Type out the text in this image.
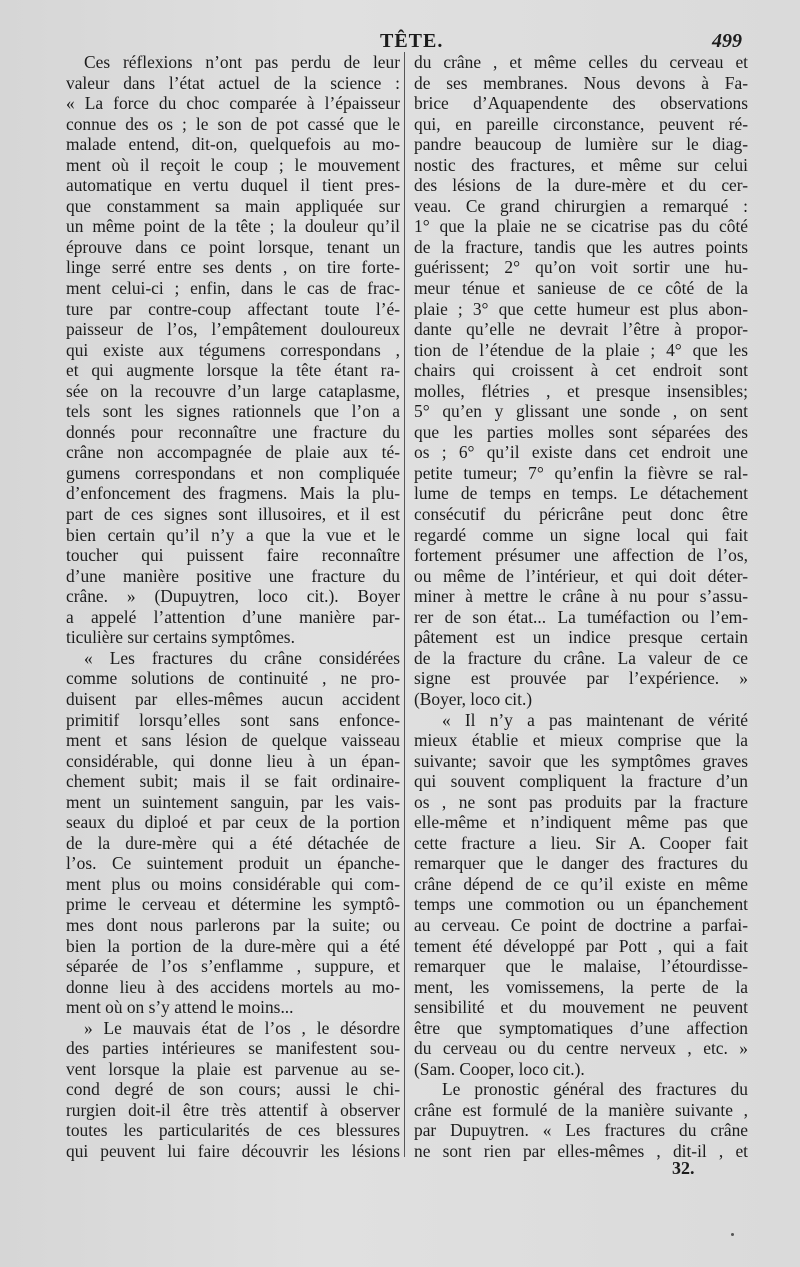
TÊTE.	499
Ces réflexions n’ont pas perdu de leur
valeur dans l’état actuel de la science :
« La force du choc comparée à l’épaisseur
connue des os ; le son de pot cassé que le
malade entend, dit-on, quelquefois au mo-
ment où il reçoit le coup ; le mouvement
automatique en vertu duquel il tient pres-
que constamment sa main appliquée sur
un même point de la tête ; la douleur qu’il
éprouve dans ce point lorsque, tenant un
linge serré entre ses dents , on tire forte-
ment celui-ci ; enfin, dans le cas de frac-
ture par contre-coup affectant toute l’é-
paisseur de l’os, l’empâtement douloureux
qui existe aux tégumens correspondans ,
et qui augmente lorsque la tête étant ra-
sée on la recouvre d’un large cataplasme,
tels sont les signes rationnels que l’on a
donnés pour reconnaître une fracture du
crâne non accompagnée de plaie aux té-
gumens correspondans et non compliquée
d’enfoncement des fragmens. Mais la plu-
part de ces signes sont illusoires, et il est
bien certain qu’il n’y a que la vue et le
toucher qui puissent faire reconnaître
d’une manière positive une fracture du
crâne. » (Dupuytren, loco cit.). Boyer
a appelé l’attention d’une manière par-
ticulière sur certains symptômes.
« Les fractures du crâne considérées
comme solutions de continuité , ne pro-
duisent par elles-mêmes aucun accident
primitif lorsqu’elles sont sans enfonce-
ment et sans lésion de quelque vaisseau
considérable, qui donne lieu à un épan-
chement subit; mais il se fait ordinaire-
ment un suintement sanguin, par les vais-
seaux du diploé et par ceux de la portion
de la dure-mère qui a été détachée de
l’os. Ce suintement produit un épanche-
ment plus ou moins considérable qui com-
prime le cerveau et détermine les symptô-
mes dont nous parlerons par la suite; ou
bien la portion de la dure-mère qui a été
séparée de l’os s’enflamme , suppure, et
donne lieu à des accidens mortels au mo-
ment où on s’y attend le moins...
» Le mauvais état de l’os , le désordre
des parties intérieures se manifestent sou-
vent lorsque la plaie est parvenue au se-
cond degré de son cours; aussi le chi-
rurgien doit-il être très attentif à observer
toutes les particularités de ces blessures
qui peuvent lui faire découvrir les lésions
du crâne , et même celles du cerveau et
de ses membranes. Nous devons à Fa-
brice d’Aquapendente des observations
qui, en pareille circonstance, peuvent ré-
pandre beaucoup de lumière sur le diag-
nostic des fractures, et même sur celui
des lésions de la dure-mère et du cer-
veau. Ce grand chirurgien a remarqué :
1° que la plaie ne se cicatrise pas du côté
de la fracture, tandis que les autres points
guérissent; 2° qu’on voit sortir une hu-
meur ténue et sanieuse de ce côté de la
plaie ; 3° que cette humeur est plus abon-
dante qu’elle ne devrait l’être à propor-
tion de l’étendue de la plaie ; 4° que les
chairs qui croissent à cet endroit sont
molles, flétries , et presque insensibles;
5° qu’en y glissant une sonde , on sent
que les parties molles sont séparées des
os ; 6° qu’il existe dans cet endroit une
petite tumeur; 7° qu’enfin la fièvre se ral-
lume de temps en temps. Le détachement
consécutif du péricrâne peut donc être
regardé comme un signe local qui fait
fortement présumer une affection de l’os,
ou même de l’intérieur, et qui doit déter-
miner à mettre le crâne à nu pour s’assu-
rer de son état... La tuméfaction ou l’em-
pâtement est un indice presque certain
de la fracture du crâne. La valeur de ce
signe est prouvée par l’expérience. »
(Boyer, loco cit.)
« Il n’y a pas maintenant de vérité
mieux établie et mieux comprise que la
suivante; savoir que les symptômes graves
qui souvent compliquent la fracture d’un
os , ne sont pas produits par la fracture
elle-même et n’indiquent même pas que
cette fracture a lieu. Sir A. Cooper fait
remarquer que le danger des fractures du
crâne dépend de ce qu’il existe en même
temps une commotion ou un épanchement
au cerveau. Ce point de doctrine a parfai-
tement été développé par Pott , qui a fait
remarquer que le malaise, l’étourdisse-
ment, les vomissemens, la perte de la
sensibilité et du mouvement ne peuvent
être que symptomatiques d’une affection
du cerveau ou du centre nerveux , etc. »
(Sam. Cooper, loco cit.).
Le pronostic général des fractures du
crâne est formulé de la manière suivante ,
par Dupuytren. « Les fractures du crâne
ne sont rien par elles-mêmes , dit-il , et
32.
